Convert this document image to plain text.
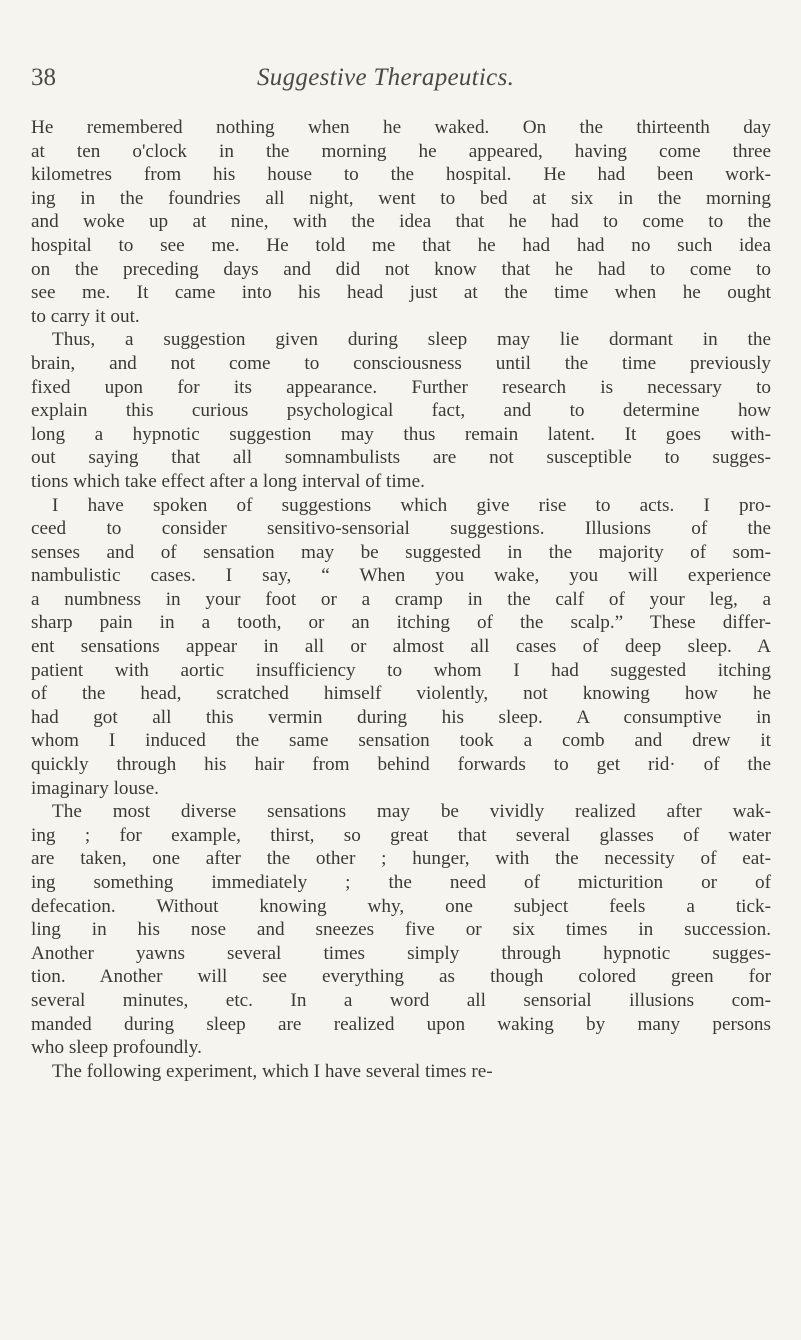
38	Suggestive Therapeutics.
He remembered nothing when he waked. On the thirteenth day
at ten o'clock in the morning he appeared, having come three
kilometres from his house to the hospital. He had been work-
ing in the foundries all night, went to bed at six in the morning
and woke up at nine, with the idea that he had to come to the
hospital to see me. He told me that he had had no such idea
on the preceding days and did not know that he had to come to
see me. It came into his head just at the time when he ought
to carry it out.
Thus, a suggestion given during sleep may lie dormant in the
brain, and not come to consciousness until the time previously
fixed upon for its appearance. Further research is necessary to
explain this curious psychological fact, and to determine how
long a hypnotic suggestion may thus remain latent. It goes with-
out saying that all somnambulists are not susceptible to sugges-
tions which take effect after a long interval of time.
I have spoken of suggestions which give rise to acts. I pro-
ceed to consider sensitivo-sensorial suggestions. Illusions of the
senses and of sensation may be suggested in the majority of som-
nambulistic cases. I say, “ When you wake, you will experience
a numbness in your foot or a cramp in the calf of your leg, a
sharp pain in a tooth, or an itching of the scalp.” These differ-
ent sensations appear in all or almost all cases of deep sleep. A
patient with aortic insufficiency to whom I had suggested itching
of the head, scratched himself violently, not knowing how he
had got all this vermin during his sleep. A consumptive in
whom I induced the same sensation took a comb and drew it
quickly through his hair from behind forwards to get rid· of the
imaginary louse.
The most diverse sensations may be vividly realized after wak-
ing ; for example, thirst, so great that several glasses of water
are taken, one after the other ; hunger, with the necessity of eat-
ing something immediately ; the need of micturition or of
defecation. Without knowing why, one subject feels a tick-
ling in his nose and sneezes five or six times in succession.
Another yawns several times simply through hypnotic sugges-
tion. Another will see everything as though colored green for
several minutes, etc. In a word all sensorial illusions com-
manded during sleep are realized upon waking by many persons
who sleep profoundly.
The following experiment, which I have several times re-
